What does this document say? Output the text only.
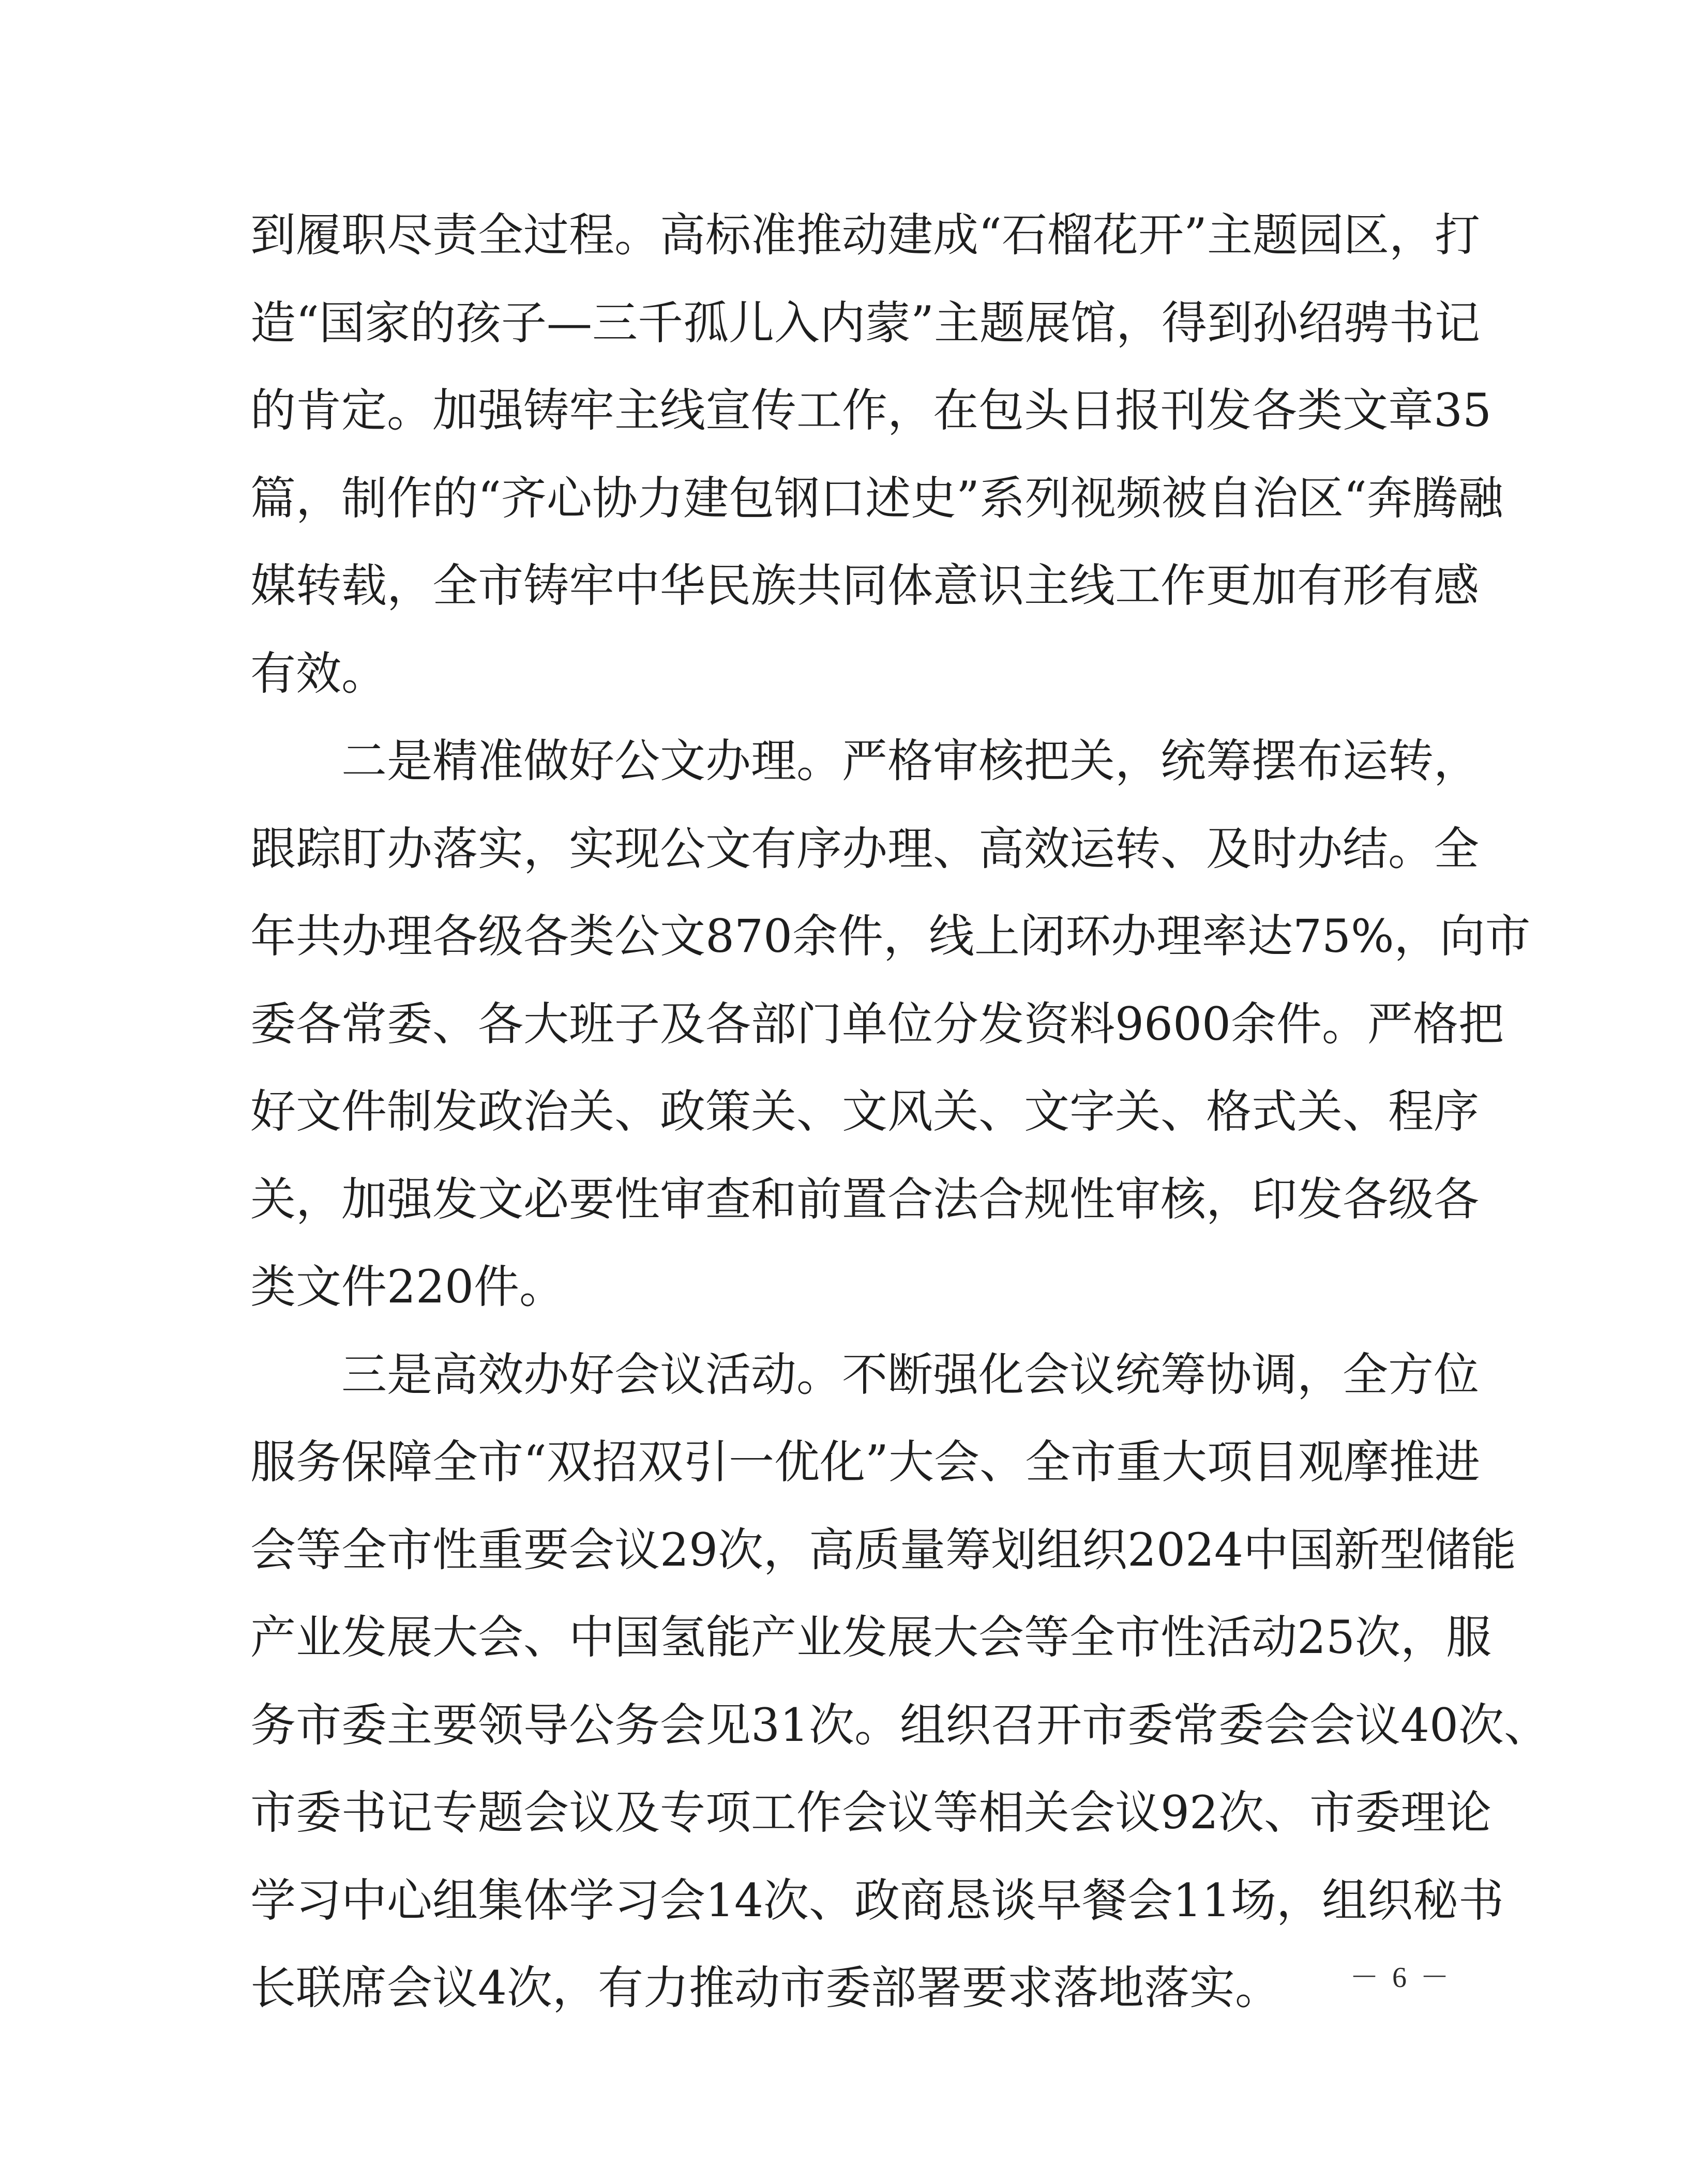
到履职尽责全过程。高标准推动建成“石榴花开”主题园区，打
造“国家的孩子—三千孤儿入内蒙”主题展馆，得到孙绍骋书记
的肯定。加强铸牢主线宣传工作，在包头日报刊发各类文章35
篇，制作的“齐心协力建包钢口述史”系列视频被自治区“奔腾融
媒转载，全市铸牢中华民族共同体意识主线工作更加有形有感
有效。
二是精准做好公文办理。严格审核把关，统筹摆布运转，
跟踪盯办落实，实现公文有序办理、高效运转、及时办结。全
年共办理各级各类公文870余件，线上闭环办理率达75%，向市
委各常委、各大班子及各部门单位分发资料9600余件。严格把
好文件制发政治关、政策关、文风关、文字关、格式关、程序
关，加强发文必要性审查和前置合法合规性审核，印发各级各
类文件220件。
三是高效办好会议活动。不断强化会议统筹协调，全方位
服务保障全市“双招双引一优化”大会、全市重大项目观摩推进
会等全市性重要会议29次，高质量筹划组织2024中国新型储能
产业发展大会、中国氢能产业发展大会等全市性活动25次，服
务市委主要领导公务会见31次。组织召开市委常委会会议40次、
市委书记专题会议及专项工作会议等相关会议92次、市委理论
学习中心组集体学习会14次、政商恳谈早餐会11场，组织秘书
长联席会议4次，有力推动市委部署要求落地落实。	－ 6 －
